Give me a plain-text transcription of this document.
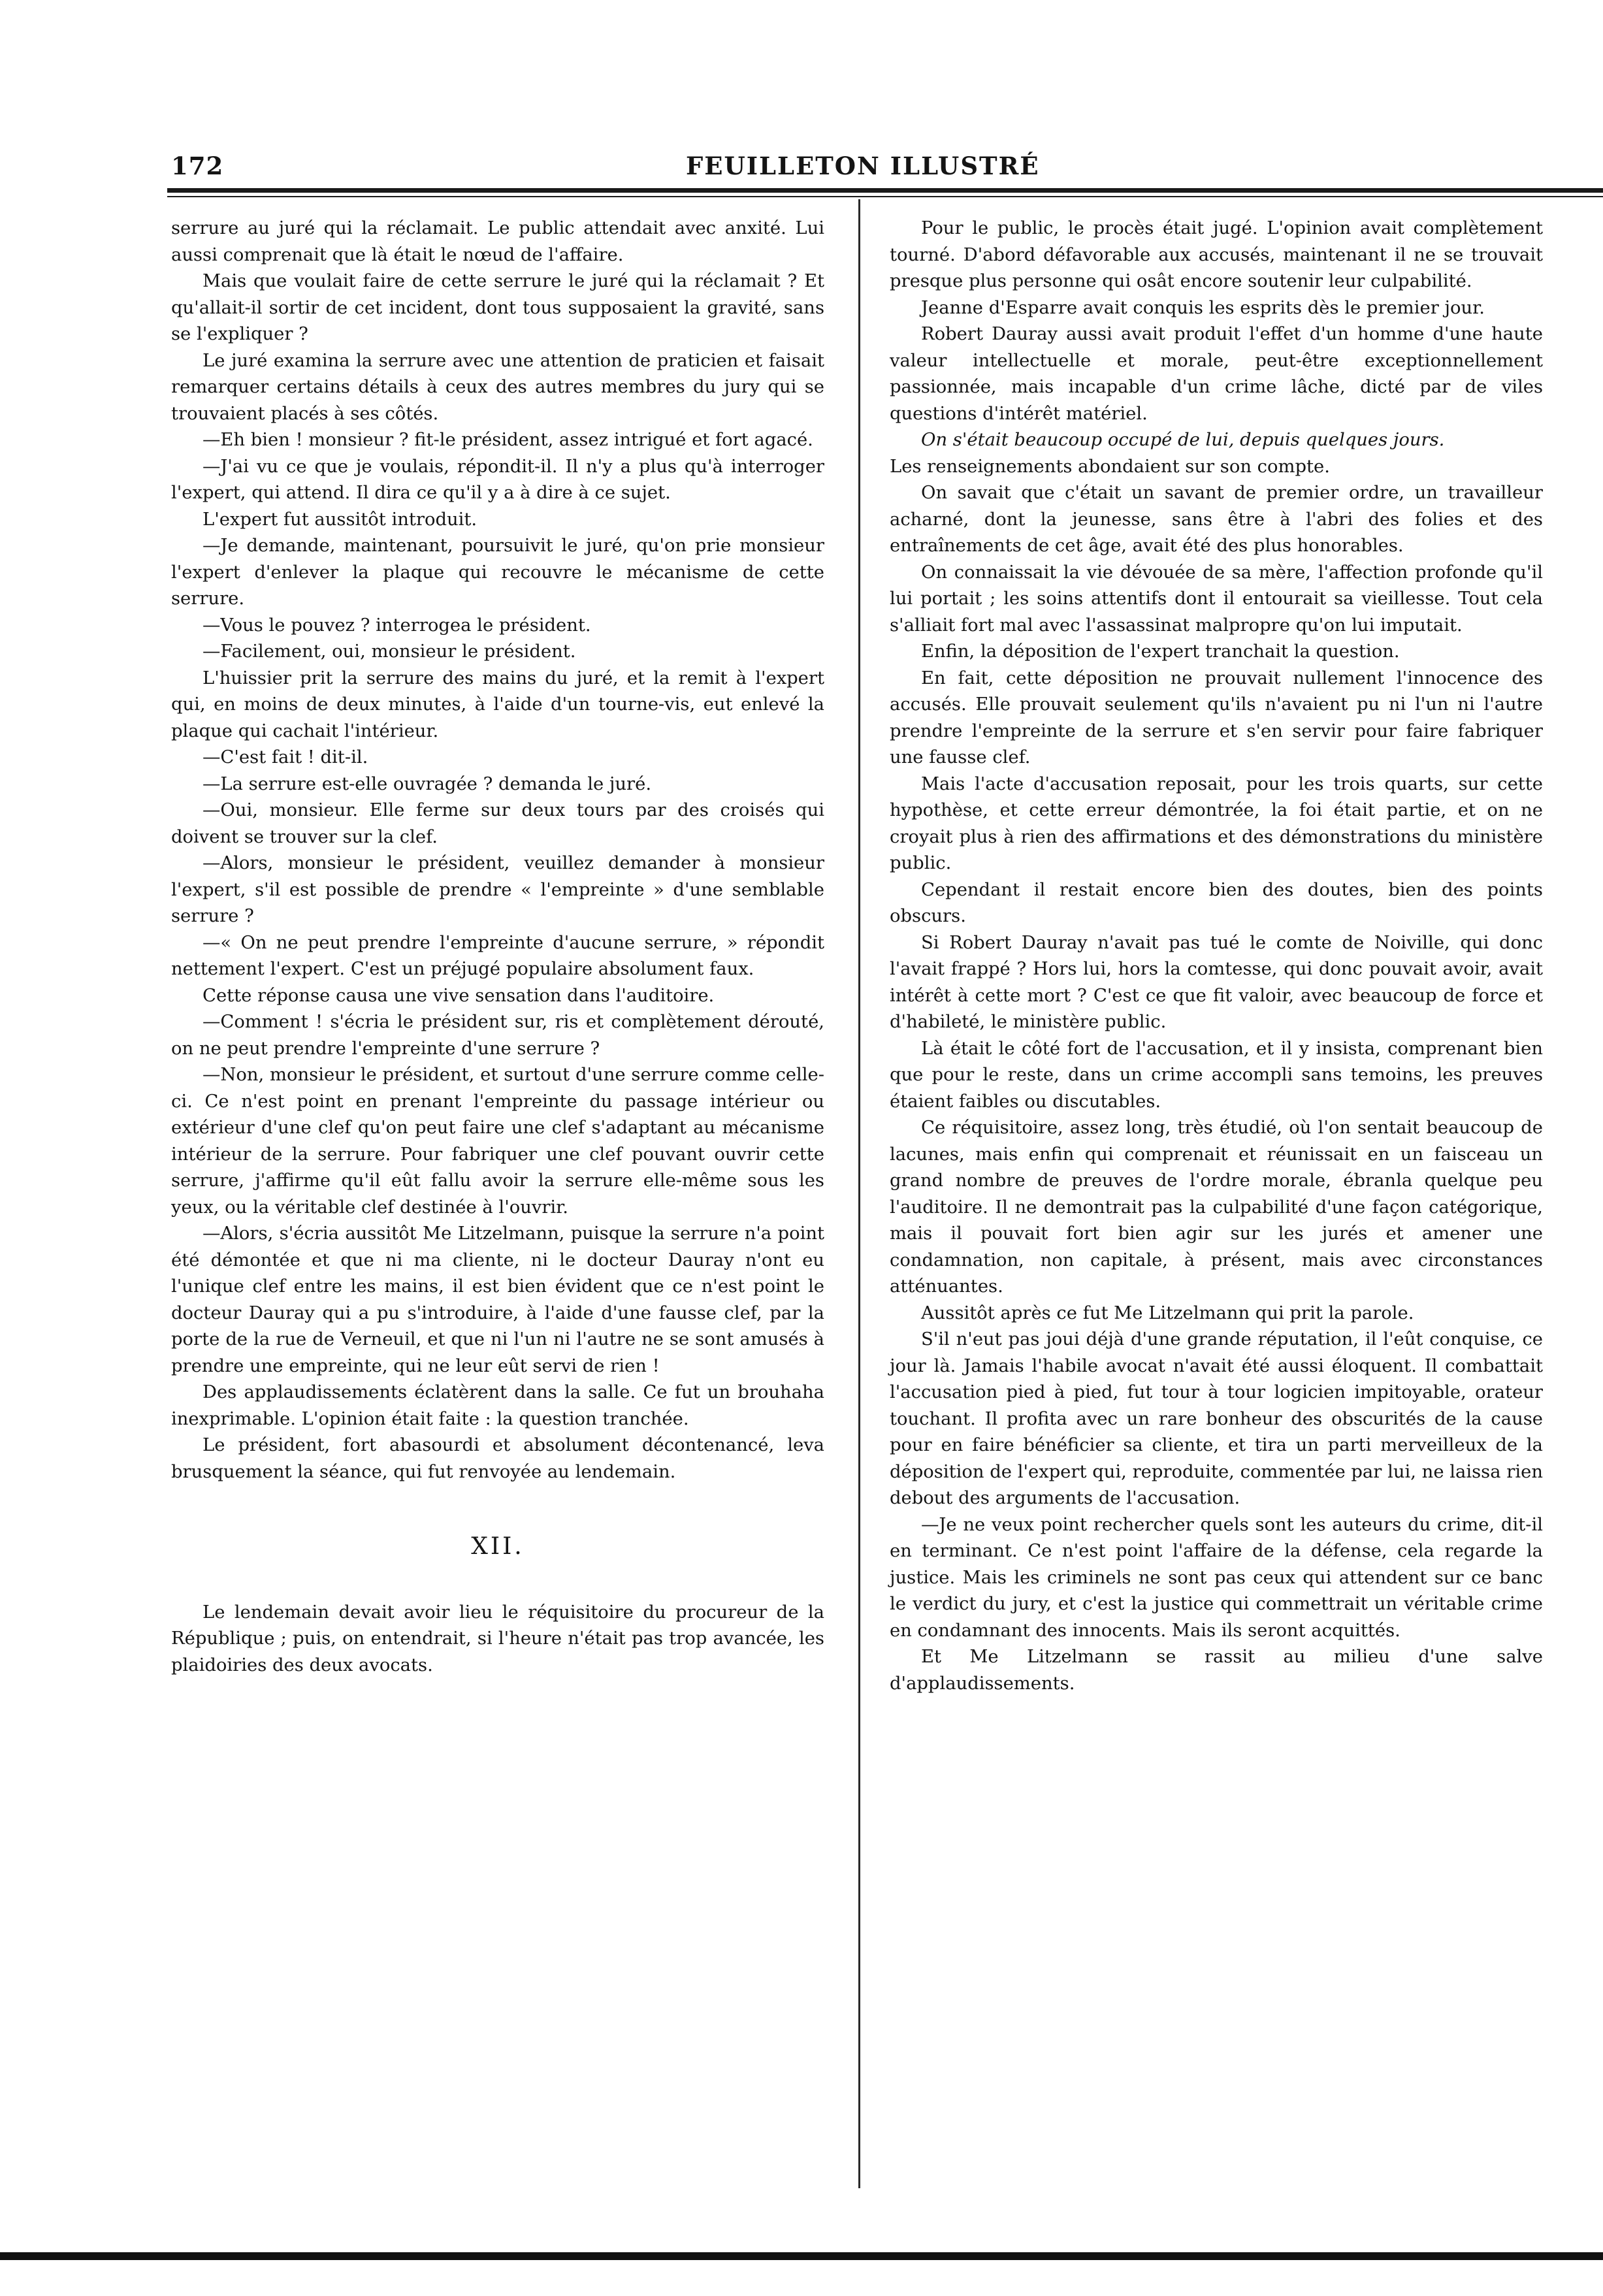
172	FEUILLETON ILLUSTRÉ

serrure au juré qui la réclamait. Le public attendait avec anxité. Lui aussi comprenait que là était le nœud de l'affaire.

Mais que voulait faire de cette serrure le juré qui la réclamait ? Et qu'allait-il sortir de cet incident, dont tous supposaient la gravité, sans se l'expliquer ?

Le juré examina la serrure avec une attention de praticien et faisait remarquer certains détails à ceux des autres membres du jury qui se trouvaient placés à ses côtés.

—Eh bien ! monsieur ? fit-le président, assez intrigué et fort agacé.

—J'ai vu ce que je voulais, répondit-il. Il n'y a plus qu'à interroger l'expert, qui attend. Il dira ce qu'il y a à dire à ce sujet.

L'expert fut aussitôt introduit.

—Je demande, maintenant, poursuivit le juré, qu'on prie monsieur l'expert d'enlever la plaque qui recouvre le mécanisme de cette serrure.

—Vous le pouvez ? interrogea le président.

—Facilement, oui, monsieur le président.

L'huissier prit la serrure des mains du juré, et la remit à l'expert qui, en moins de deux minutes, à l'aide d'un tourne-vis, eut enlevé la plaque qui cachait l'intérieur.

—C'est fait ! dit-il.

—La serrure est-elle ouvragée ? demanda le juré.

—Oui, monsieur. Elle ferme sur deux tours par des croisés qui doivent se trouver sur la clef.

—Alors, monsieur le président, veuillez demander à monsieur l'expert, s'il est possible de prendre « l'empreinte » d'une semblable serrure ?

—« On ne peut prendre l'empreinte d'aucune serrure, » répondit nettement l'expert. C'est un préjugé populaire absolument faux.

Cette réponse causa une vive sensation dans l'auditoire.

—Comment ! s'écria le président sur, ris et complètement dérouté, on ne peut prendre l'empreinte d'une serrure ?

—Non, monsieur le président, et surtout d'une serrure comme celle-ci. Ce n'est point en prenant l'empreinte du passage intérieur ou extérieur d'une clef qu'on peut faire une clef s'adaptant au mécanisme intérieur de la serrure. Pour fabriquer une clef pouvant ouvrir cette serrure, j'affirme qu'il eût fallu avoir la serrure elle-même sous les yeux, ou la véritable clef destinée à l'ouvrir.

—Alors, s'écria aussitôt Me Litzelmann, puisque la serrure n'a point été démontée et que ni ma cliente, ni le docteur Dauray n'ont eu l'unique clef entre les mains, il est bien évident que ce n'est point le docteur Dauray qui a pu s'introduire, à l'aide d'une fausse clef, par la porte de la rue de Verneuil, et que ni l'un ni l'autre ne se sont amusés à prendre une empreinte, qui ne leur eût servi de rien !

Des applaudissements éclatèrent dans la salle. Ce fut un brouhaha inexprimable. L'opinion était faite : la question tranchée.

Le président, fort abasourdi et absolument décontenancé, leva brusquement la séance, qui fut renvoyée au lendemain.

XII.

Le lendemain devait avoir lieu le réquisitoire du procureur de la République ; puis, on entendrait, si l'heure n'était pas trop avancée, les plaidoiries des deux avocats.

Pour le public, le procès était jugé. L'opinion avait complètement tourné. D'abord défavorable aux accusés, maintenant il ne se trouvait presque plus personne qui osât encore soutenir leur culpabilité.

Jeanne d'Esparre avait conquis les esprits dès le premier jour.

Robert Dauray aussi avait produit l'effet d'un homme d'une haute valeur intellectuelle et morale, peut-être exceptionnellement passionnée, mais incapable d'un crime lâche, dicté par de viles questions d'intérêt matériel.

On s'était beaucoup occupé de lui, depuis quelques jours.

Les renseignements abondaient sur son compte.

On savait que c'était un savant de premier ordre, un travailleur acharné, dont la jeunesse, sans être à l'abri des folies et des entraînements de cet âge, avait été des plus honorables.

On connaissait la vie dévouée de sa mère, l'affection profonde qu'il lui portait ; les soins attentifs dont il entourait sa vieillesse. Tout cela s'alliait fort mal avec l'assassinat malpropre qu'on lui imputait.

Enfin, la déposition de l'expert tranchait la question.

En fait, cette déposition ne prouvait nullement l'innocence des accusés. Elle prouvait seulement qu'ils n'avaient pu ni l'un ni l'autre prendre l'empreinte de la serrure et s'en servir pour faire fabriquer une fausse clef.

Mais l'acte d'accusation reposait, pour les trois quarts, sur cette hypothèse, et cette erreur démontrée, la foi était partie, et on ne croyait plus à rien des affirmations et des démonstrations du ministère public.

Cependant il restait encore bien des doutes, bien des points obscurs.

Si Robert Dauray n'avait pas tué le comte de Noiville, qui donc l'avait frappé ? Hors lui, hors la comtesse, qui donc pouvait avoir, avait intérêt à cette mort ? C'est ce que fit valoir, avec beaucoup de force et d'habileté, le ministère public.

Là était le côté fort de l'accusation, et il y insista, comprenant bien que pour le reste, dans un crime accompli sans temoins, les preuves étaient faibles ou discutables.

Ce réquisitoire, assez long, très étudié, où l'on sentait beaucoup de lacunes, mais enfin qui comprenait et réunissait en un faisceau un grand nombre de preuves de l'ordre morale, ébranla quelque peu l'auditoire. Il ne demontrait pas la culpabilité d'une façon catégorique, mais il pouvait fort bien agir sur les jurés et amener une condamnation, non capitale, à présent, mais avec circonstances atténuantes.

Aussitôt après ce fut Me Litzelmann qui prit la parole.

S'il n'eut pas joui déjà d'une grande réputation, il l'eût conquise, ce jour là. Jamais l'habile avocat n'avait été aussi éloquent. Il combattait l'accusation pied à pied, fut tour à tour logicien impitoyable, orateur touchant. Il profita avec un rare bonheur des obscurités de la cause pour en faire bénéficier sa cliente, et tira un parti merveilleux de la déposition de l'expert qui, reproduite, commentée par lui, ne laissa rien debout des arguments de l'accusation.

—Je ne veux point rechercher quels sont les auteurs du crime, dit-il en terminant. Ce n'est point l'affaire de la défense, cela regarde la justice. Mais les criminels ne sont pas ceux qui attendent sur ce banc le verdict du jury, et c'est la justice qui commettrait un véritable crime en condamnant des innocents. Mais ils seront acquittés.

Et Me Litzelmann se rassit au milieu d'une salve d'applaudissements.
